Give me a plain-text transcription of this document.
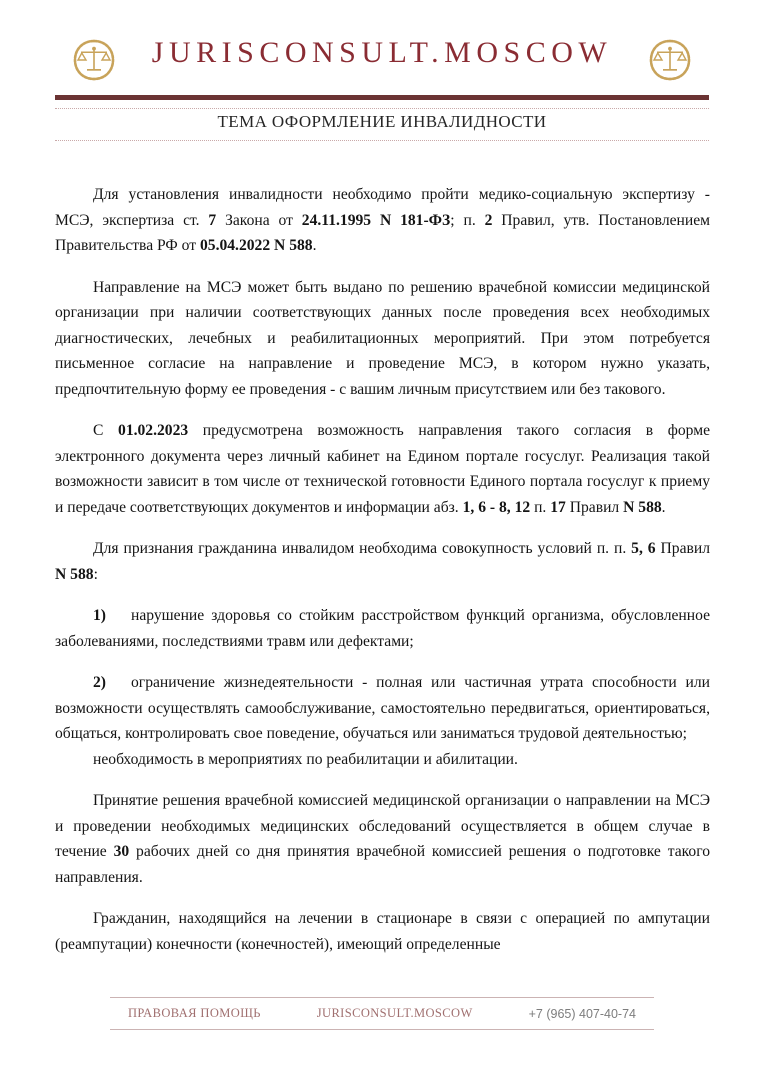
JURISCONSULT.MOSCOW
ТЕМА ОФОРМЛЕНИЕ ИНВАЛИДНОСТИ

Для установления инвалидности необходимо пройти медико-социальную экспертизу - МСЭ, экспертиза ст. 7 Закона от 24.11.1995 N 181-ФЗ; п. 2 Правил, утв. Постановлением Правительства РФ от 05.04.2022 N 588.

Направление на МСЭ может быть выдано по решению врачебной комиссии медицинской организации при наличии соответствующих данных после проведения всех необходимых диагностических, лечебных и реабилитационных мероприятий. При этом потребуется письменное согласие на направление и проведение МСЭ, в котором нужно указать, предпочтительную форму ее проведения - с вашим личным присутствием или без такового.

С 01.02.2023 предусмотрена возможность направления такого согласия в форме электронного документа через личный кабинет на Едином портале госуслуг. Реализация такой возможности зависит в том числе от технической готовности Единого портала госуслуг к приему и передаче соответствующих документов и информации абз. 1, 6 - 8, 12 п. 17 Правил N 588.

Для признания гражданина инвалидом необходима совокупность условий п. п. 5, 6 Правил N 588:

1) нарушение здоровья со стойким расстройством функций организма, обусловленное заболеваниями, последствиями травм или дефектами;

2) ограничение жизнедеятельности - полная или частичная утрата способности или возможности осуществлять самообслуживание, самостоятельно передвигаться, ориентироваться, общаться, контролировать свое поведение, обучаться или заниматься трудовой деятельностью;

необходимость в мероприятиях по реабилитации и абилитации.

Принятие решения врачебной комиссией медицинской организации о направлении на МСЭ и проведении необходимых медицинских обследований осуществляется в общем случае в течение 30 рабочих дней со дня принятия врачебной комиссией решения о подготовке такого направления.

Гражданин, находящийся на лечении в стационаре в связи с операцией по ампутации (реампутации) конечности (конечностей), имеющий определенные

ПРАВОВАЯ ПОМОЩЬ	JURISCONSULT.MOSCOW	+7 (965) 407-40-74
